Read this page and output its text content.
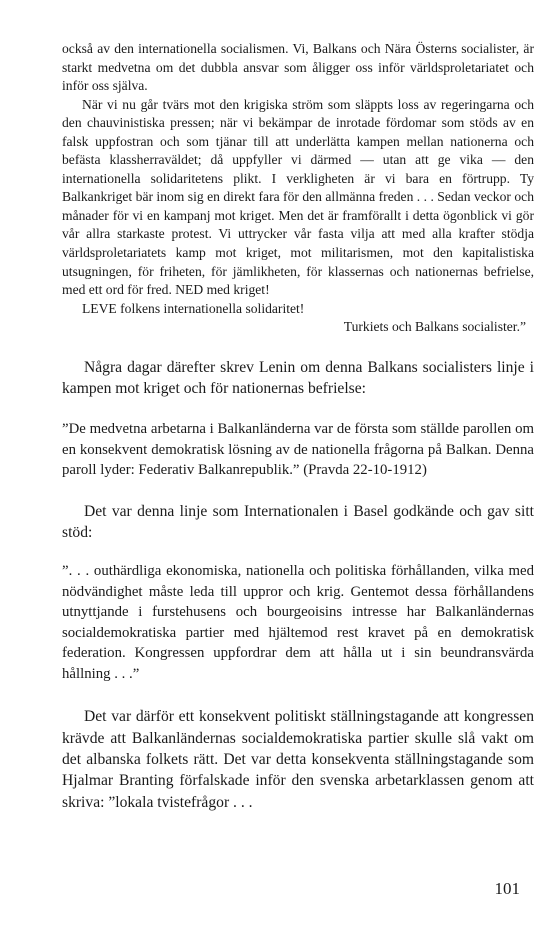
också av den internationella socialismen. Vi, Balkans och Nära Österns socialister, är starkt medvetna om det dubbla ansvar som åligger oss inför världsproletariatet och inför oss själva.

När vi nu går tvärs mot den krigiska ström som släppts loss av regeringarna och den chauvinistiska pressen; när vi bekämpar de inrotade fördomar som stöds av en falsk uppfostran och som tjänar till att underlätta kampen mellan nationerna och befästa klassherraväldet; då uppfyller vi därmed — utan att ge vika — den internationella solidaritetens plikt. I verkligheten är vi bara en förtrupp. Ty Balkankriget bär inom sig en direkt fara för den allmänna freden . . . Sedan veckor och månader för vi en kampanj mot kriget. Men det är framförallt i detta ögonblick vi gör vår allra starkaste protest. Vi uttrycker vår fasta vilja att med alla krafter stödja världsproletariatets kamp mot kriget, mot militarismen, mot den kapitalistiska utsugningen, för friheten, för jämlikheten, för klassernas och nationernas befrielse, med ett ord för fred. NED med kriget!

LEVE folkens internationella solidaritet!

Turkiets och Balkans socialister.”

Några dagar därefter skrev Lenin om denna Balkans socialisters linje i kampen mot kriget och för nationernas befrielse:

”De medvetna arbetarna i Balkanländerna var de första som ställde parollen om en konsekvent demokratisk lösning av de nationella frågorna på Balkan. Denna paroll lyder: Federativ Balkanrepublik.” (Pravda 22-10-1912)

Det var denna linje som Internationalen i Basel godkände och gav sitt stöd:

”. . . outhärdliga ekonomiska, nationella och politiska förhållanden, vilka med nödvändighet måste leda till uppror och krig. Gentemot dessa förhållandens utnyttjande i furstehusens och bourgeoisins intresse har Balkanländernas socialdemokratiska partier med hjältemod rest kravet på en demokratisk federation. Kongressen uppfordrar dem att hålla ut i sin beundransvärda hållning . . .”

Det var därför ett konsekvent politiskt ställningstagande att kongressen krävde att Balkanländernas socialdemokratiska partier skulle slå vakt om det albanska folkets rätt. Det var detta konsekventa ställningstagande som Hjalmar Branting förfalskade inför den svenska arbetarklassen genom att skriva: ”lokala tvistefrågor . . .

101
